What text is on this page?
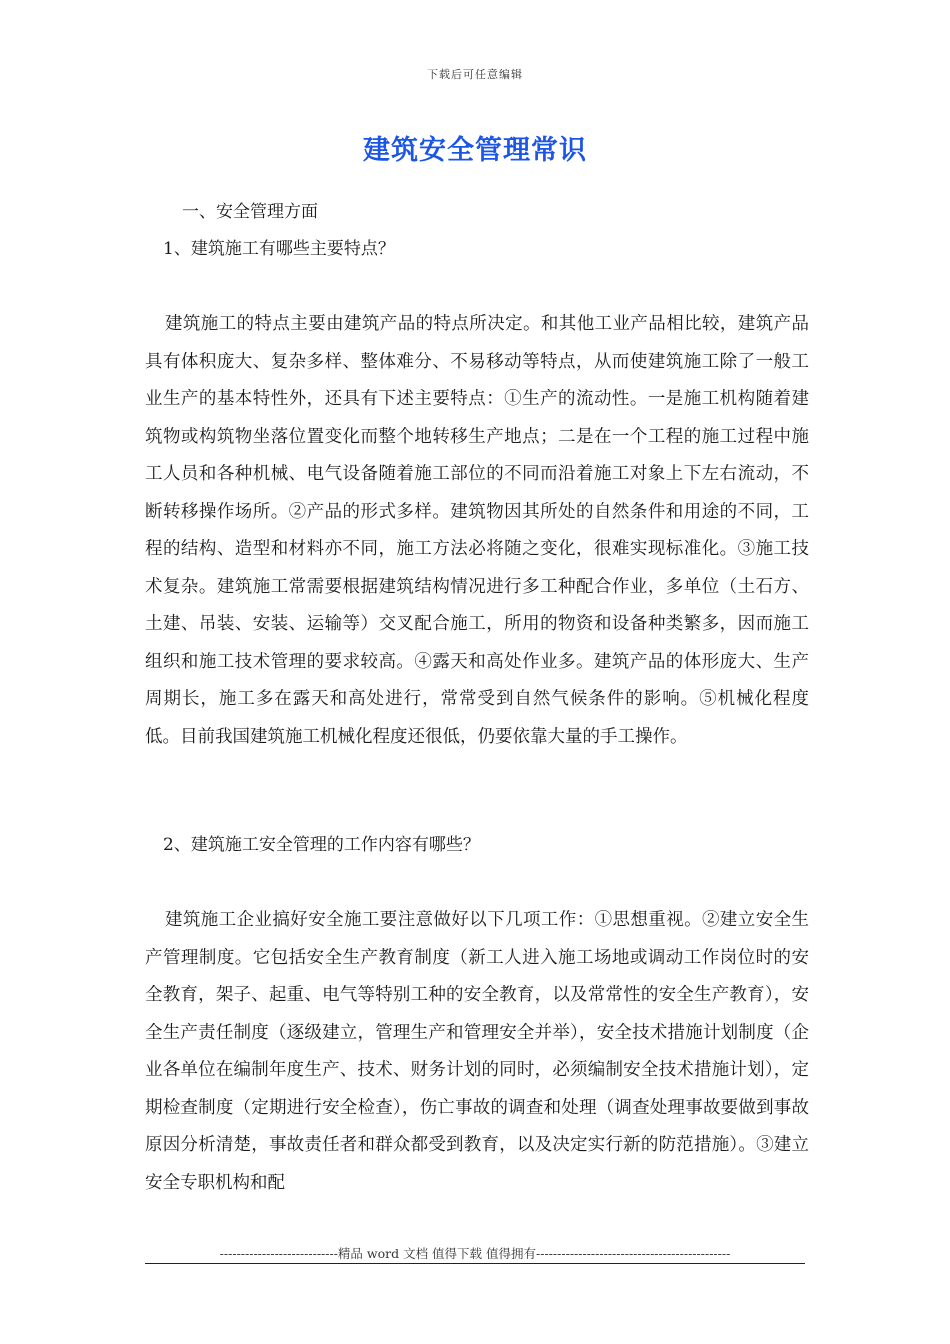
下载后可任意编辑
建筑安全管理常识

一、安全管理方面

1、建筑施工有哪些主要特点？

建筑施工的特点主要由建筑产品的特点所决定。和其他工业产品相比较，建筑产品具有体积庞大、复杂多样、整体难分、不易移动等特点，从而使建筑施工除了一般工业生产的基本特性外，还具有下述主要特点：①生产的流动性。一是施工机构随着建筑物或构筑物坐落位置变化而整个地转移生产地点；二是在一个工程的施工过程中施工人员和各种机械、电气设备随着施工部位的不同而沿着施工对象上下左右流动，不断转移操作场所。②产品的形式多样。建筑物因其所处的自然条件和用途的不同，工程的结构、造型和材料亦不同，施工方法必将随之变化，很难实现标准化。③施工技术复杂。建筑施工常需要根据建筑结构情况进行多工种配合作业，多单位（土石方、土建、吊装、安装、运输等）交叉配合施工，所用的物资和设备种类繁多，因而施工组织和施工技术管理的要求较高。④露天和高处作业多。建筑产品的体形庞大、生产周期长，施工多在露天和高处进行，常常受到自然气候条件的影响。⑤机械化程度低。目前我国建筑施工机械化程度还很低，仍要依靠大量的手工操作。

2、建筑施工安全管理的工作内容有哪些？

建筑施工企业搞好安全施工要注意做好以下几项工作：①思想重视。②建立安全生产管理制度。它包括安全生产教育制度（新工人进入施工场地或调动工作岗位时的安全教育，架子、起重、电气等特别工种的安全教育，以及常常性的安全生产教育），安全生产责任制度（逐级建立，管理生产和管理安全并举），安全技术措施计划制度（企业各单位在编制年度生产、技术、财务计划的同时，必须编制安全技术措施计划），定期检查制度（定期进行安全检查），伤亡事故的调查和处理（调查处理事故要做到事故原因分析清楚，事故责任者和群众都受到教育，以及决定实行新的防范措施）。③建立安全专职机构和配

----------------------------精品 word 文档 值得下载 值得拥有----------------------------------------------
